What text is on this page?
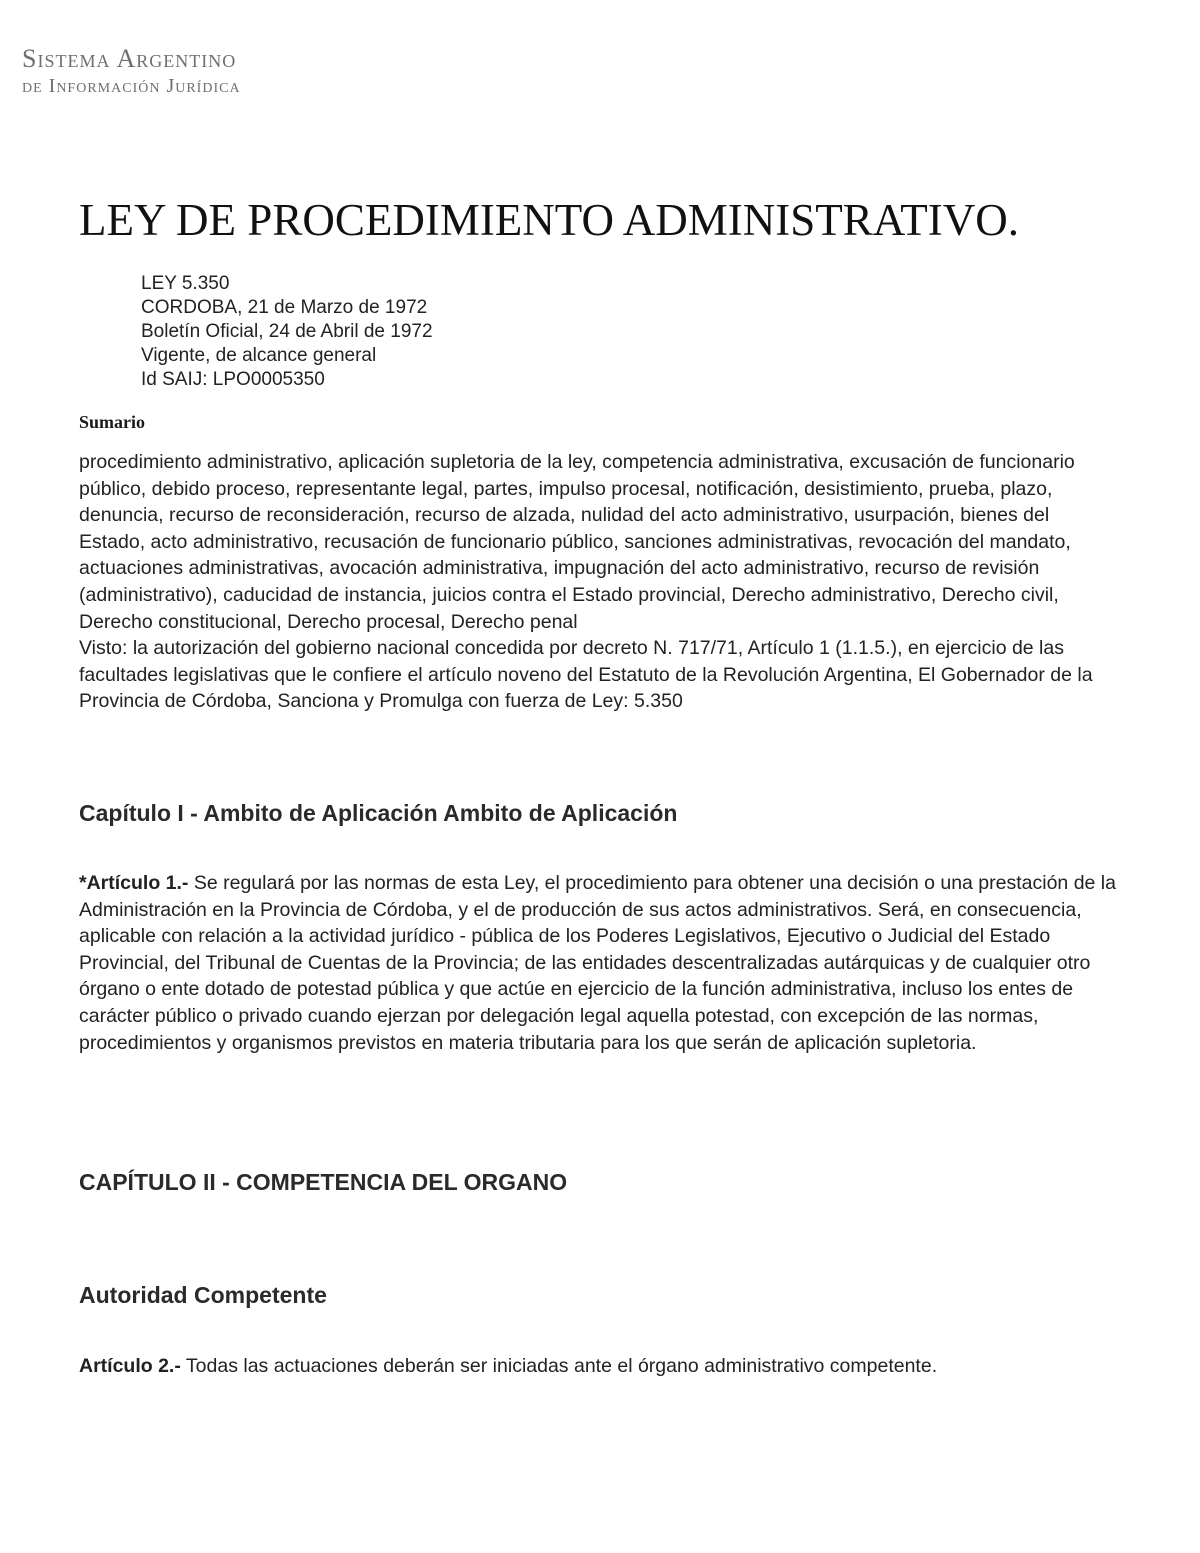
Sistema Argentino
de Información Jurídica
LEY DE PROCEDIMIENTO ADMINISTRATIVO.
LEY 5.350
CORDOBA, 21 de Marzo de 1972
Boletín Oficial, 24 de Abril de 1972
Vigente, de alcance general
Id SAIJ: LPO0005350
Sumario

procedimiento administrativo, aplicación supletoria de la ley, competencia administrativa, excusación de funcionario público, debido proceso, representante legal, partes, impulso procesal, notificación, desistimiento, prueba, plazo, denuncia, recurso de reconsideración, recurso de alzada, nulidad del acto administrativo, usurpación, bienes del Estado, acto administrativo, recusación de funcionario público, sanciones administrativas, revocación del mandato, actuaciones administrativas, avocación administrativa, impugnación del acto administrativo, recurso de revisión (administrativo), caducidad de instancia, juicios contra el Estado provincial, Derecho administrativo, Derecho civil, Derecho constitucional, Derecho procesal, Derecho penal

Visto: la autorización del gobierno nacional concedida por decreto N. 717/71, Artículo 1 (1.1.5.), en ejercicio de las facultades legislativas que le confiere el artículo noveno del Estatuto de la Revolución Argentina, El Gobernador de la Provincia de Córdoba, Sanciona y Promulga con fuerza de Ley: 5.350

Capítulo I - Ambito de Aplicación Ambito de Aplicación

*Artículo 1.- Se regulará por las normas de esta Ley, el procedimiento para obtener una decisión o una prestación de la Administración en la Provincia de Córdoba, y el de producción de sus actos administrativos. Será, en consecuencia, aplicable con relación a la actividad jurídico - pública de los Poderes Legislativos, Ejecutivo o Judicial del Estado Provincial, del Tribunal de Cuentas de la Provincia; de las entidades descentralizadas autárquicas y de cualquier otro órgano o ente dotado de potestad pública y que actúe en ejercicio de la función administrativa, incluso los entes de carácter público o privado cuando ejerzan por delegación legal aquella potestad, con excepción de las normas, procedimientos y organismos previstos en materia tributaria para los que serán de aplicación supletoria.

CAPÍTULO II - COMPETENCIA DEL ORGANO
Autoridad Competente

Artículo 2.- Todas las actuaciones deberán ser iniciadas ante el órgano administrativo competente.
